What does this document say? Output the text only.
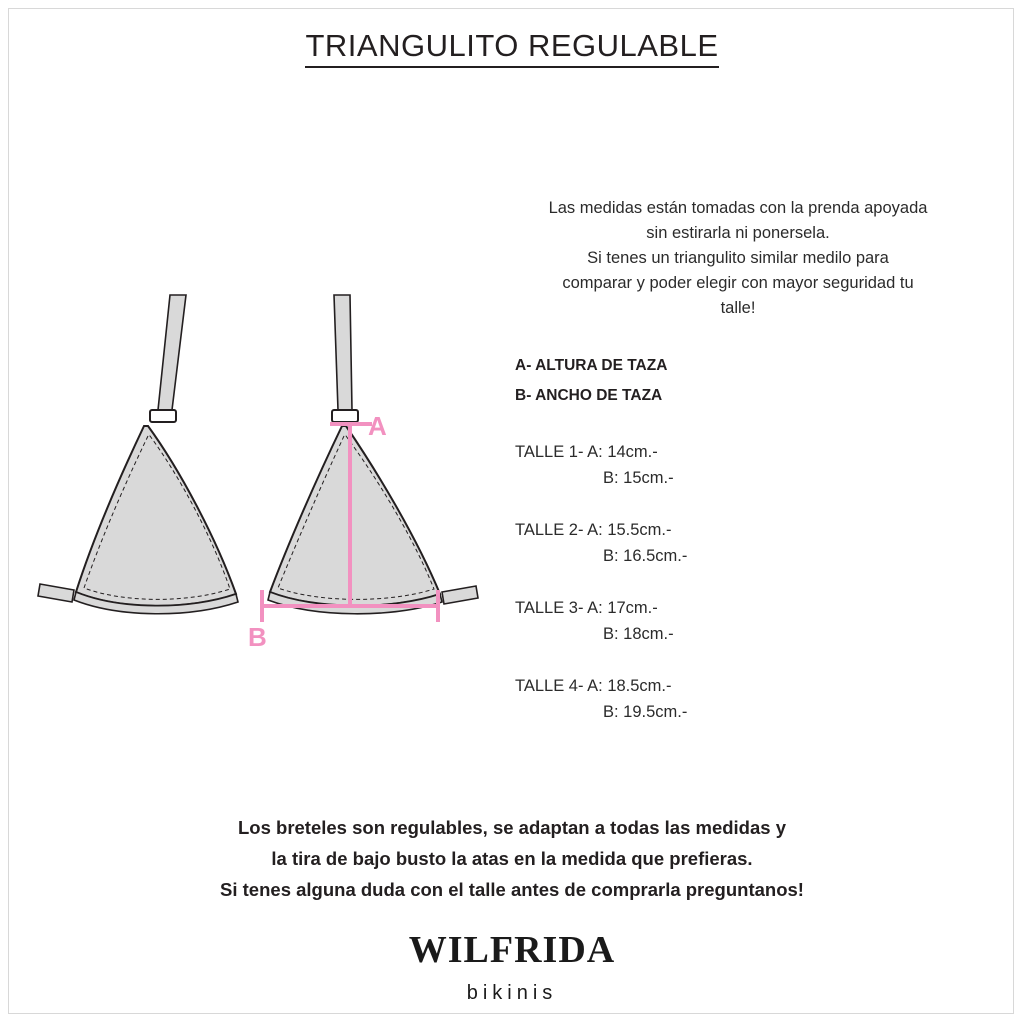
TRIANGULITO REGULABLE
A
B
Las medidas están tomadas con la prenda apoyada
sin estirarla ni ponersela.
Si tenes un triangulito similar medilo para
comparar y poder elegir con mayor seguridad tu
talle!
A- ALTURA DE TAZA
B- ANCHO DE TAZA
TALLE 1- A: 14cm.-
B: 15cm.-
TALLE 2- A: 15.5cm.-
B: 16.5cm.-
TALLE 3- A: 17cm.-
B: 18cm.-
TALLE 4- A: 18.5cm.-
B: 19.5cm.-
Los breteles son regulables, se adaptan a todas las medidas y
la tira de bajo busto la atas en la medida que prefieras.
Si tenes alguna duda con el talle antes de comprarla preguntanos!
WILFRIDA
bikinis
